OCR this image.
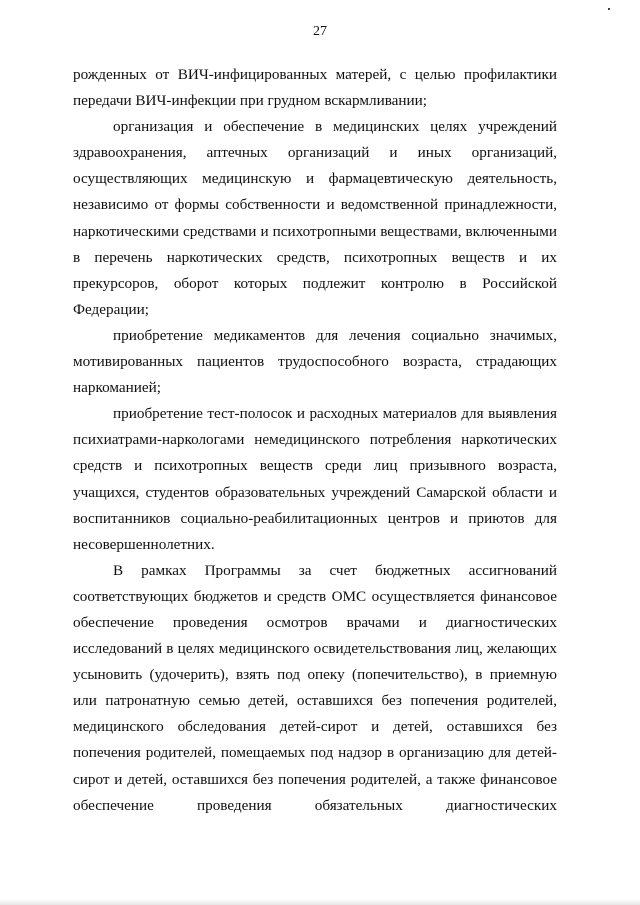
27

рожденных от ВИЧ-инфицированных матерей, с целью профилактики передачи ВИЧ-инфекции при грудном вскармливании;

организация и обеспечение в медицинских целях учреждений здравоохранения, аптечных организаций и иных организаций, осуществляющих медицинскую и фармацевтическую деятельность, независимо от формы собственности и ведомственной принадлежности, наркотическими средствами и психотропными веществами, включенными в перечень наркотических средств, психотропных веществ и их прекурсоров, оборот которых подлежит контролю в Российской Федерации;

приобретение медикаментов для лечения социально значимых, мотивированных пациентов трудоспособного возраста, страдающих наркоманией;

приобретение тест-полосок и расходных материалов для выявления психиатрами-наркологами немедицинского потребления наркотических средств и психотропных веществ среди лиц призывного возраста, учащихся, студентов образовательных учреждений Самарской области и воспитанников социально-реабилитационных центров и приютов для несовершеннолетних.

В рамках Программы за счет бюджетных ассигнований соответствующих бюджетов и средств ОМС осуществляется финансовое обеспечение проведения осмотров врачами и диагностических исследований в целях медицинского освидетельствования лиц, желающих усыновить (удочерить), взять под опеку (попечительство), в приемную или патронатную семью детей, оставшихся без попечения родителей, медицинского обследования детей-сирот и детей, оставшихся без попечения родителей, помещаемых под надзор в организацию для детей-сирот и детей, оставшихся без попечения родителей, а также финансовое обеспечение проведения обязательных диагностических
